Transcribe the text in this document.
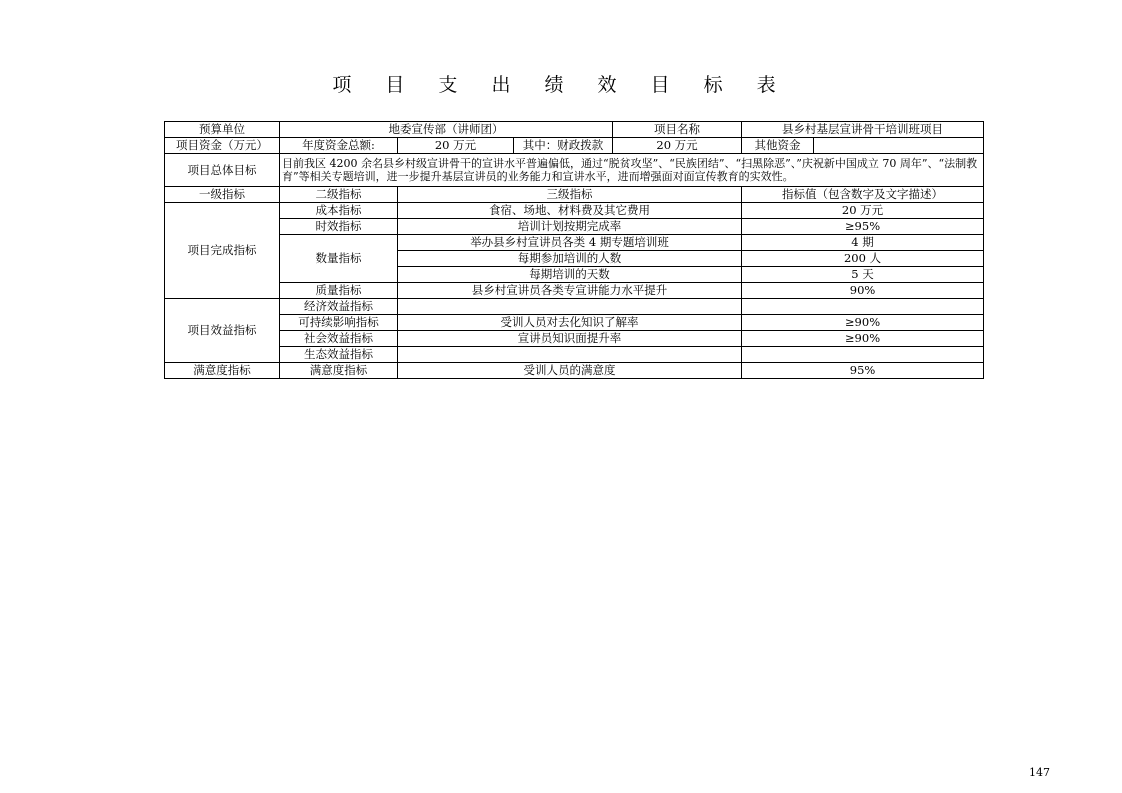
项 目 支 出 绩 效 目 标 表
预算单位	地委宣传部（讲师团）			项目名称	县乡村基层宣讲骨干培训班项目	
项目资金（万元）	年度资金总额:	20 万元	其中：财政拨款	20 万元	其他资金	
项目总体目标	目前我区 4200 余名县乡村级宣讲骨干的宣讲水平普遍偏低，通过“脱贫攻坚”、“民族团结”、“扫黑除恶”、”庆祝新中国成立 70 周年”、“法制教育”等相关专题培训，进一步提升基层宣讲员的业务能力和宣讲水平，进而增强面对面宣传教育的实效性。					
一级指标	二级指标	三级指标			指标值（包含数字及文字描述）	
项目完成指标	成本指标	食宿、场地、材料费及其它费用			20 万元	
	时效指标	培训计划按期完成率			≥95%	
	数量指标	举办县乡村宣讲员各类 4 期专题培训班			4 期	
		每期参加培训的人数			200 人	
		每期培训的天数			5 天	
	质量指标	县乡村宣讲员各类专宣讲能力水平提升			90%	
项目效益指标	经济效益指标					
	可持续影响指标	受训人员对去化知识了解率			≥90%	
	社会效益指标	宣讲员知识面提升率			≥90%	
	生态效益指标					
满意度指标	满意度指标	受训人员的满意度			95%	
147
